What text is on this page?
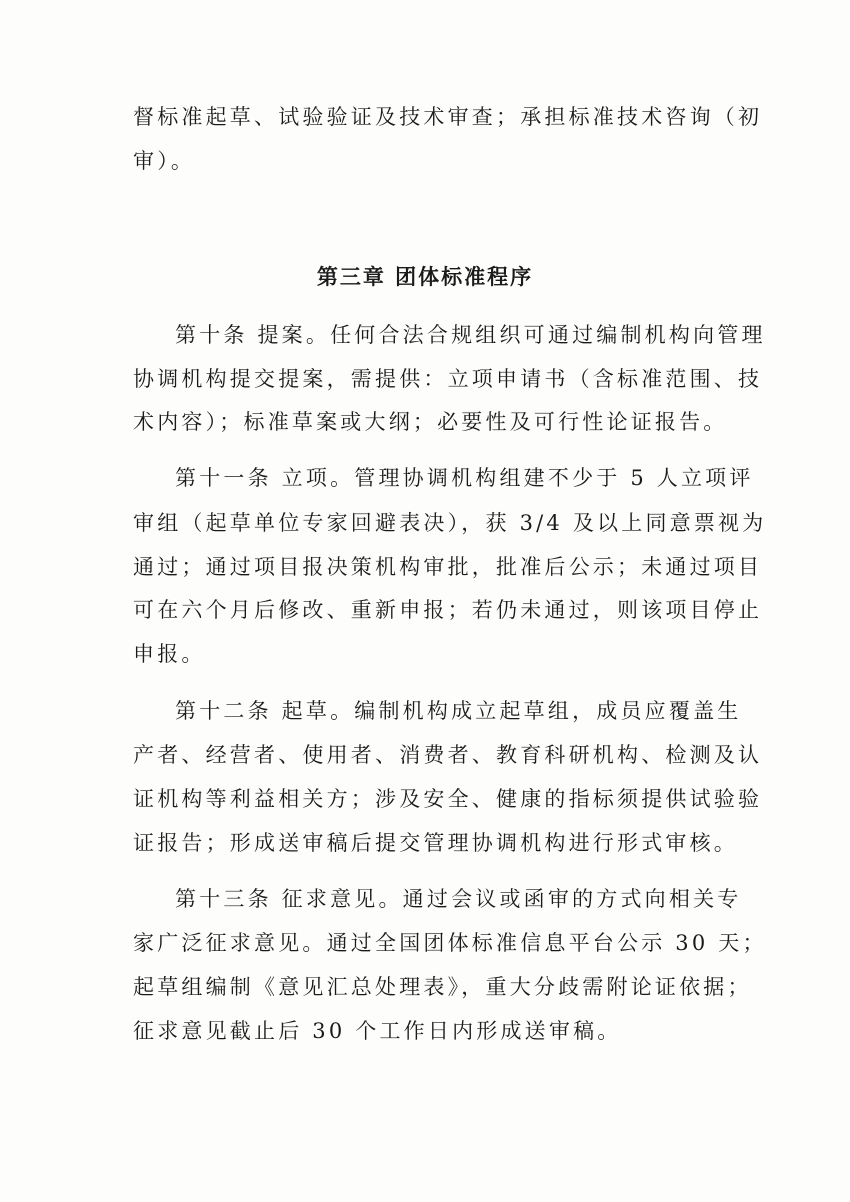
督标准起草、试验验证及技术审查；承担标准技术咨询（初
审）。
第三章 团体标准程序
第十条 提案。任何合法合规组织可通过编制机构向管理
协调机构提交提案，需提供：立项申请书（含标准范围、技
术内容）；标准草案或大纲；必要性及可行性论证报告。
第十一条 立项。管理协调机构组建不少于 5 人立项评
审组（起草单位专家回避表决），获 3/4 及以上同意票视为
通过；通过项目报决策机构审批，批准后公示；未通过项目
可在六个月后修改、重新申报；若仍未通过，则该项目停止
申报。
第十二条 起草。编制机构成立起草组，成员应覆盖生
产者、经营者、使用者、消费者、教育科研机构、检测及认
证机构等利益相关方；涉及安全、健康的指标须提供试验验
证报告；形成送审稿后提交管理协调机构进行形式审核。
第十三条 征求意见。通过会议或函审的方式向相关专
家广泛征求意见。通过全国团体标准信息平台公示 30 天；
起草组编制《意见汇总处理表》，重大分歧需附论证依据；
征求意见截止后 30 个工作日内形成送审稿。
